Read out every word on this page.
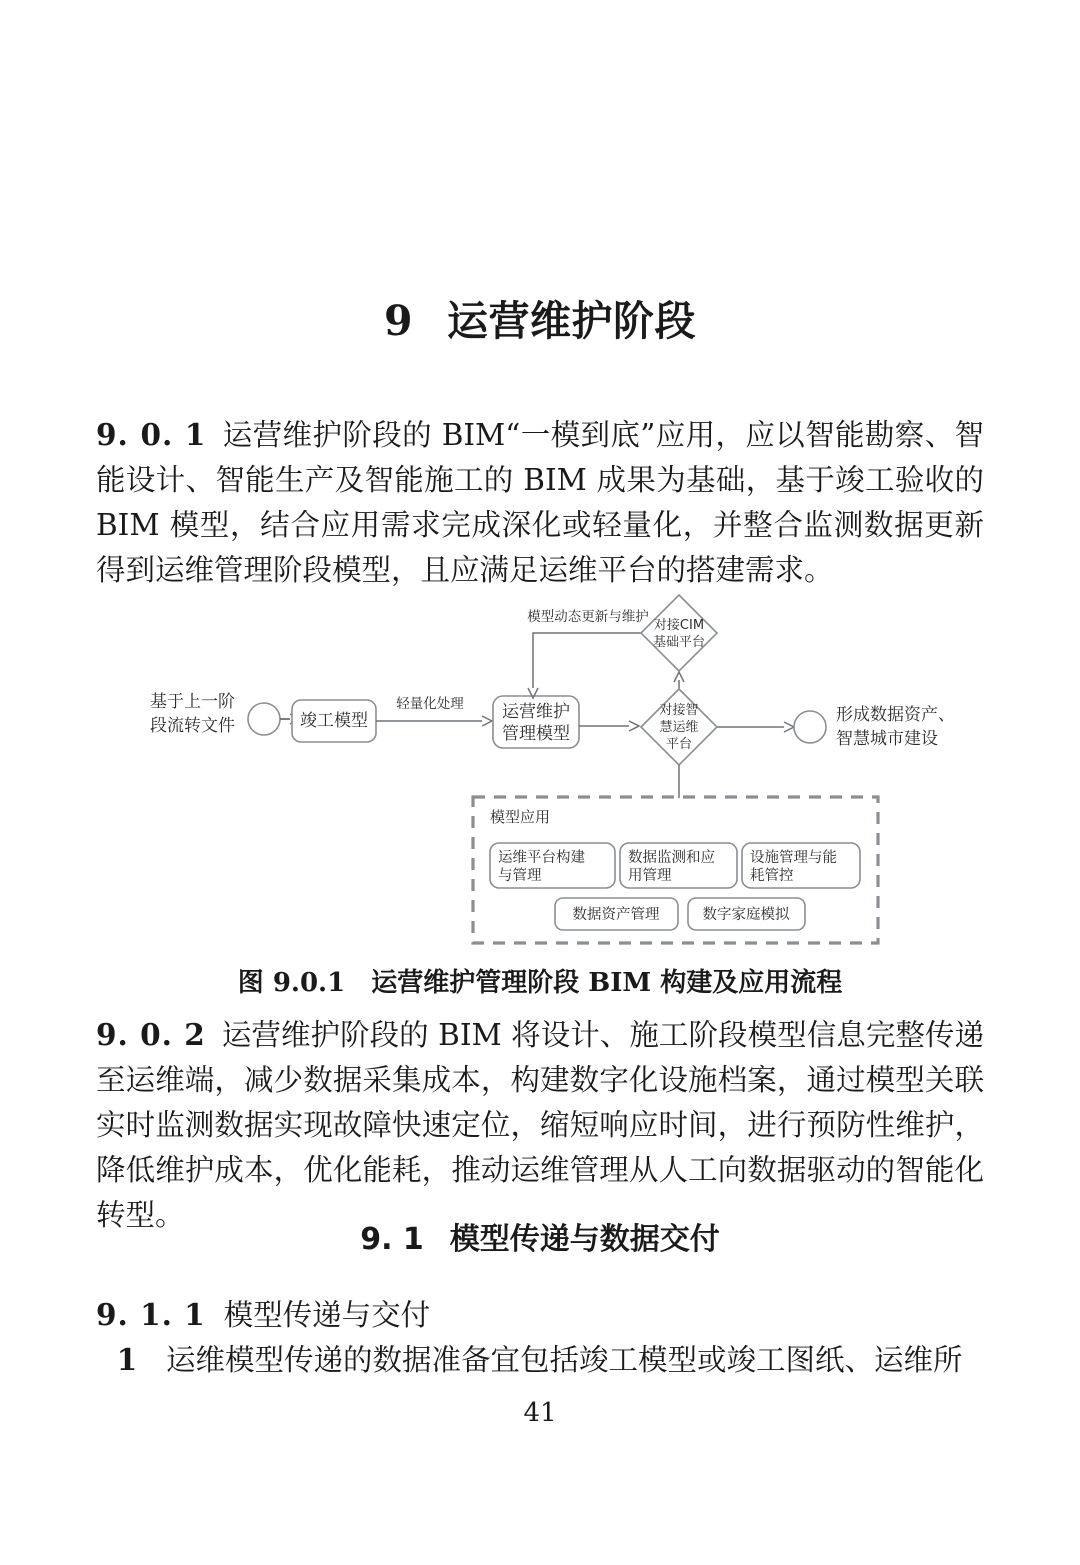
9 运营维护阶段
9. 0. 1 运营维护阶段的 BIM“一模到底”应用，应以智能勘察、智能设计、智能生产及智能施工的 BIM 成果为基础，基于竣工验收的 BIM 模型，结合应用需求完成深化或轻量化，并整合监测数据更新得到运维管理阶段模型，且应满足运维平台的搭建需求。
基于上一阶
段流转文件	竣工模型
轻量化处理 运营维护
管理模型
模型动态更新与维护
对接CIM
基础平台
对接智
慧运维
平台
形成数据资产、
智慧城市建设
模型应用
运维平台构建
与管理
数据监测和应
用管理
设施管理与能
耗管控
数据资产管理	数字家庭模拟
图 9.0.1 运营维护管理阶段 BIM 构建及应用流程
9. 0. 2 运营维护阶段的 BIM 将设计、施工阶段模型信息完整传递至运维端，减少数据采集成本，构建数字化设施档案，通过模型关联实时监测数据实现故障快速定位，缩短响应时间，进行预防性维护，降低维护成本，优化能耗，推动运维管理从人工向数据驱动的智能化转型。
9. 1 模型传递与数据交付
9. 1. 1 模型传递与交付
1 运维模型传递的数据准备宜包括竣工模型或竣工图纸、运维所
41
